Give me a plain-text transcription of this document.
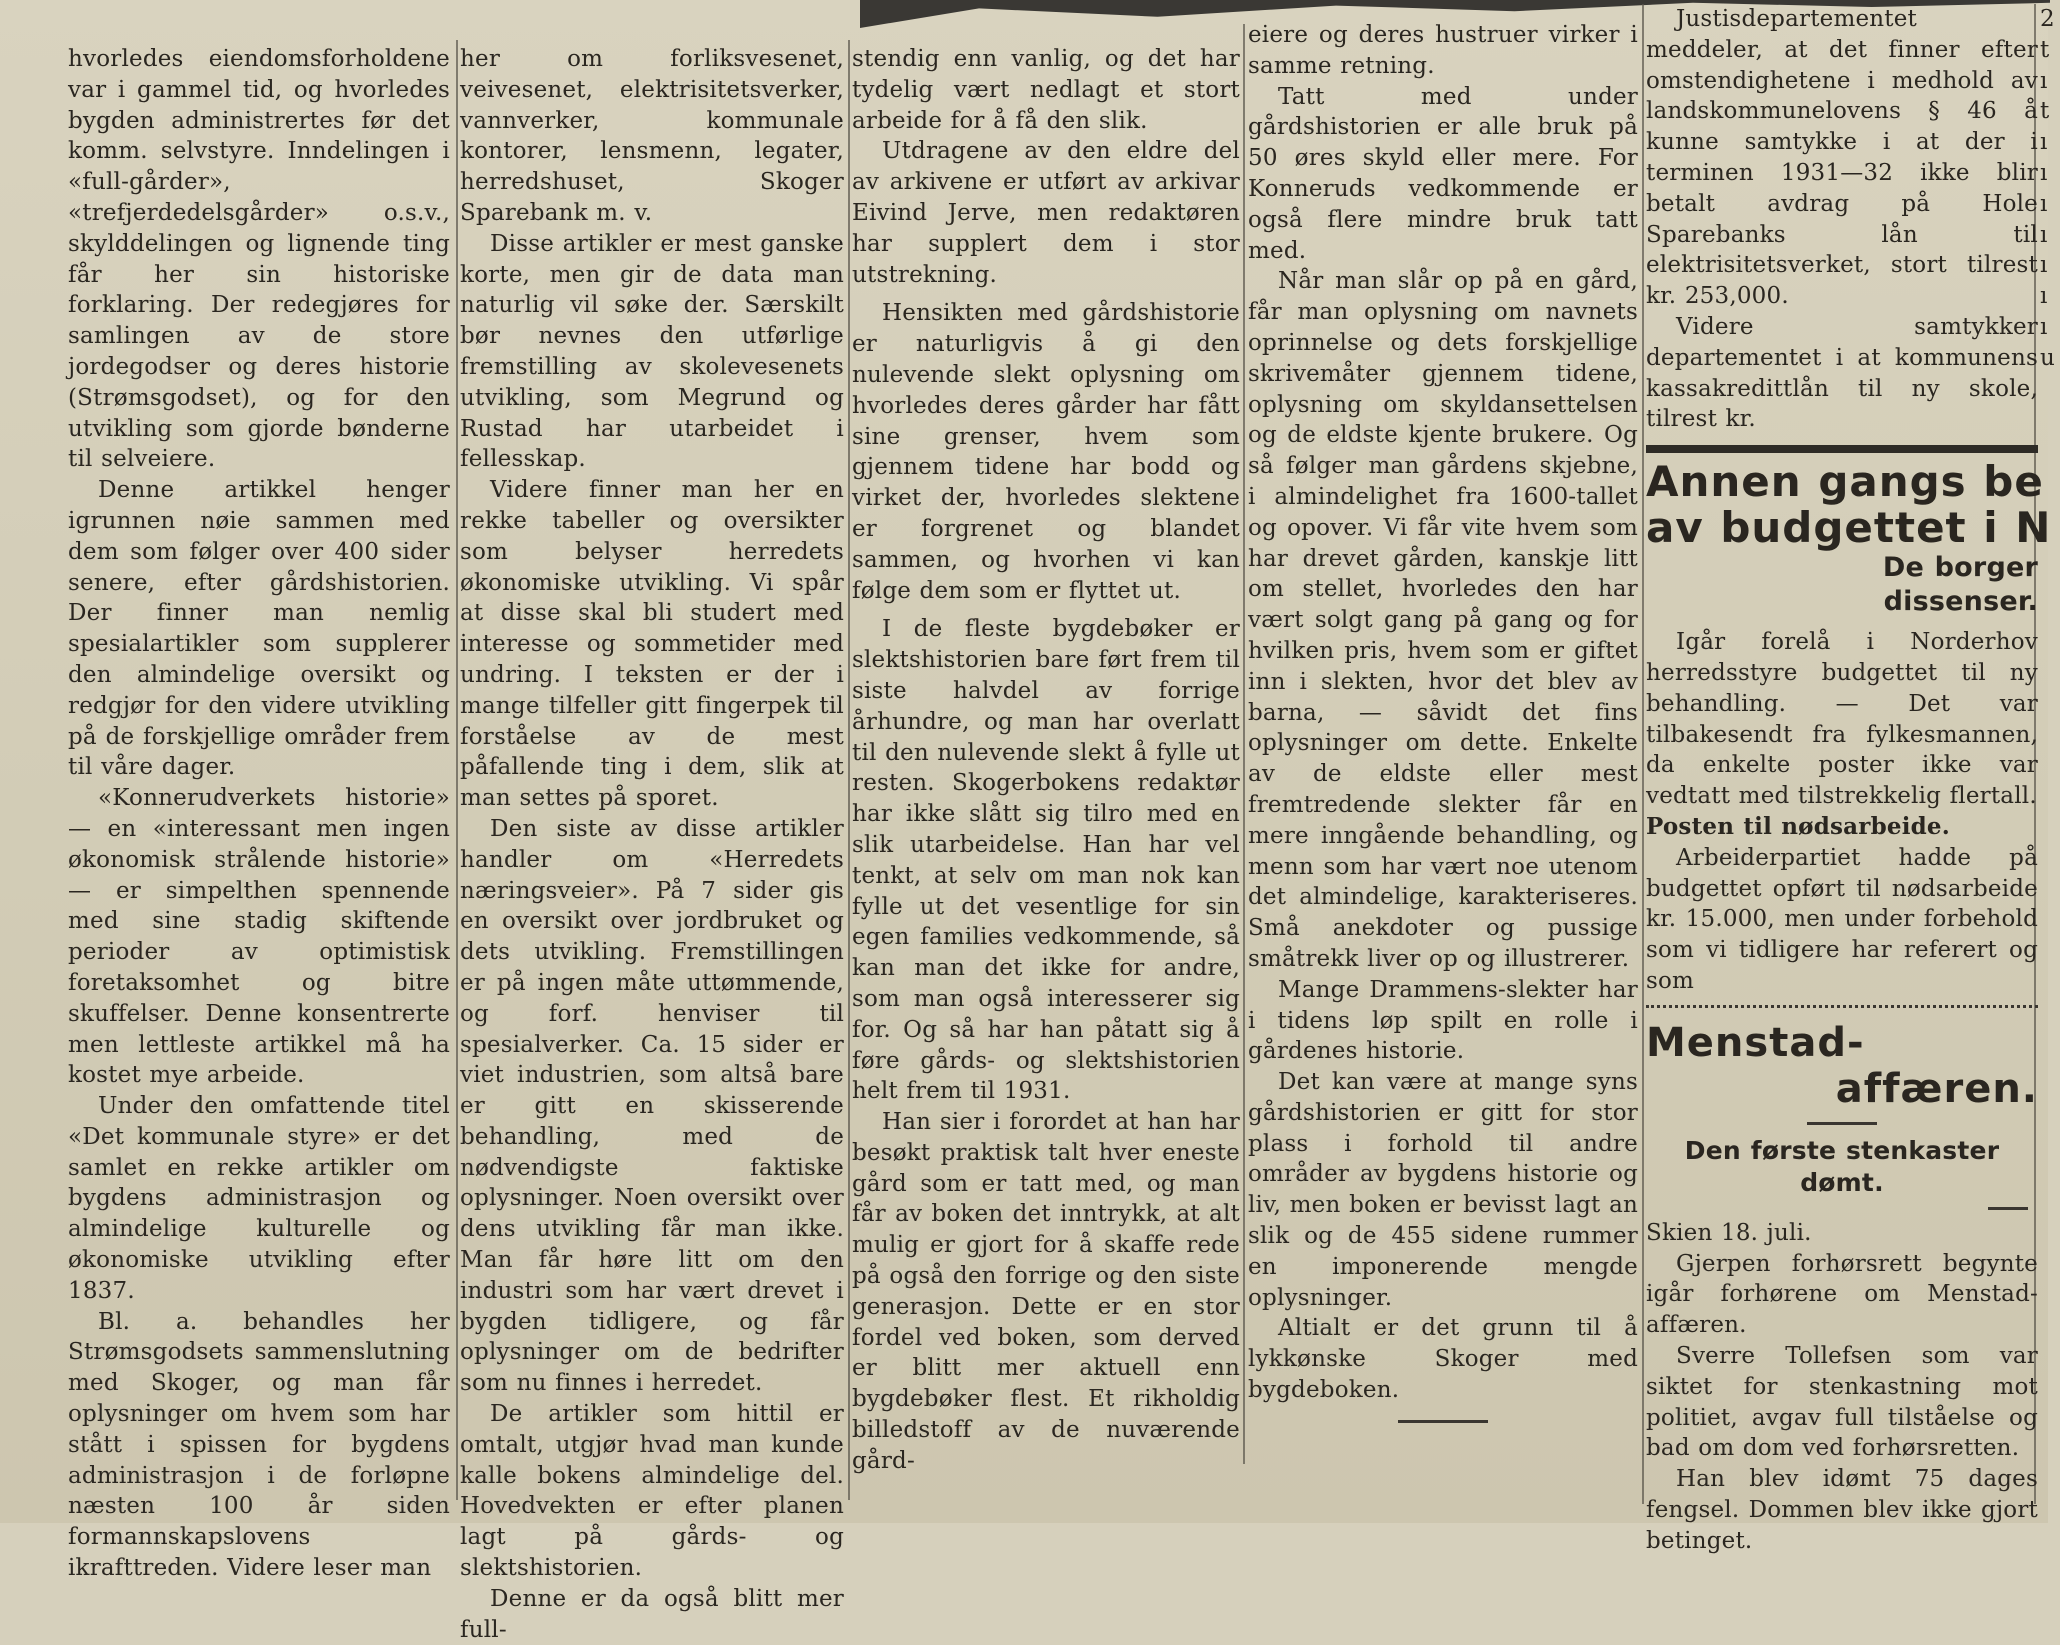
hvorledes eiendomsforholdene var i gammel tid, og hvorledes bygden administrertes før det komm. selvstyre. Inndelingen i «full-gårder», «trefjerdedelsgårder» o.s.v., skylddelingen og lignende ting får her sin historiske forklaring. Der redegjøres for samlingen av de store jordegodser og deres historie (Strømsgodset), og for den utvikling som gjorde bønderne til selveiere.

Denne artikkel henger igrunnen nøie sammen med dem som følger over 400 sider senere, efter gårdshistorien. Der finner man nemlig spesialartikler som supplerer den almindelige oversikt og redgjør for den videre utvikling på de forskjellige områder frem til våre dager.

«Konnerudverkets historie» — en «interessant men ingen økonomisk strålende historie» — er simpelthen spennende med sine stadig skiftende perioder av optimistisk foretaksomhet og bitre skuffelser. Denne konsentrerte men lettleste artikkel må ha kostet mye arbeide.

Under den omfattende titel «Det kommunale styre» er det samlet en rekke artikler om bygdens administrasjon og almindelige kulturelle og økonomiske utvikling efter 1837.

Bl. a. behandles her Strømsgodsets sammenslutning med Skoger, og man får oplysninger om hvem som har stått i spissen for bygdens administrasjon i de forløpne næsten 100 år siden formannskapslovens ikrafttreden. Videre leser man

her om forliksvesenet, veivesenet, elektrisitetsverker, vannverker, kommunale kontorer, lensmenn, legater, herredshuset, Skoger Sparebank m. v.

Disse artikler er mest ganske korte, men gir de data man naturlig vil søke der. Særskilt bør nevnes den utførlige fremstilling av skolevesenets utvikling, som Megrund og Rustad har utarbeidet i fellesskap.

Videre finner man her en rekke tabeller og oversikter som belyser herredets økonomiske utvikling. Vi spår at disse skal bli studert med interesse og sommetider med undring. I teksten er der i mange tilfeller gitt fingerpek til forståelse av de mest påfallende ting i dem, slik at man settes på sporet.

Den siste av disse artikler handler om «Herredets næringsveier». På 7 sider gis en oversikt over jordbruket og dets utvikling. Fremstillingen er på ingen måte uttømmende, og forf. henviser til spesialverker. Ca. 15 sider er viet industrien, som altså bare er gitt en skisserende behandling, med de nødvendigste faktiske oplysninger. Noen oversikt over dens utvikling får man ikke. Man får høre litt om den industri som har vært drevet i bygden tidligere, og får oplysninger om de bedrifter som nu finnes i herredet.

De artikler som hittil er omtalt, utgjør hvad man kunde kalle bokens almindelige del. Hovedvekten er efter planen lagt på gårds- og slektshistorien.

Denne er da også blitt mer full-

stendig enn vanlig, og det har tydelig vært nedlagt et stort arbeide for å få den slik.

Utdragene av den eldre del av arkivene er utført av arkivar Eivind Jerve, men redaktøren har supplert dem i stor utstrekning.

Hensikten med gårdshistorie er naturligvis å gi den nulevende slekt oplysning om hvorledes deres gårder har fått sine grenser, hvem som gjennem tidene har bodd og virket der, hvorledes slektene er forgrenet og blandet sammen, og hvorhen vi kan følge dem som er flyttet ut.

I de fleste bygdebøker er slektshistorien bare ført frem til siste halvdel av forrige århundre, og man har overlatt til den nulevende slekt å fylle ut resten. Skogerbokens redaktør har ikke slått sig tilro med en slik utarbeidelse. Han har vel tenkt, at selv om man nok kan fylle ut det vesentlige for sin egen families vedkommende, så kan man det ikke for andre, som man også interesserer sig for. Og så har han påtatt sig å føre gårds- og slektshistorien helt frem til 1931.

Han sier i forordet at han har besøkt praktisk talt hver eneste gård som er tatt med, og man får av boken det inntrykk, at alt mulig er gjort for å skaffe rede på også den forrige og den siste generasjon. Dette er en stor fordel ved boken, som derved er blitt mer aktuell enn bygdebøker flest. Et rikholdig billedstoff av de nuværende gård-

eiere og deres hustruer virker i samme retning.

Tatt med under gårdshistorien er alle bruk på 50 øres skyld eller mere. For Konneruds vedkommende er også flere mindre bruk tatt med.

Når man slår op på en gård, får man oplysning om navnets oprinnelse og dets forskjellige skrivemåter gjennem tidene, oplysning om skyldansettelsen og de eldste kjente brukere. Og så følger man gårdens skjebne, i almindelighet fra 1600-tallet og opover. Vi får vite hvem som har drevet gården, kanskje litt om stellet, hvorledes den har vært solgt gang på gang og for hvilken pris, hvem som er giftet inn i slekten, hvor det blev av barna, — såvidt det fins oplysninger om dette. Enkelte av de eldste eller mest fremtredende slekter får en mere inngående behandling, og menn som har vært noe utenom det almindelige, karakteriseres. Små anekdoter og pussige småtrekk liver op og illustrerer.

Mange Drammens-slekter har i tidens løp spilt en rolle i gårdenes historie.

Det kan være at mange syns gårdshistorien er gitt for stor plass i forhold til andre områder av bygdens historie og liv, men boken er bevisst lagt an slik og de 455 sidene rummer en imponerende mengde oplysninger.

Altialt er det grunn til å lykkønske Skoger med bygdeboken.

Justisdepartementet meddeler, at det finner efter omstendighetene i medhold av landskommunelovens § 46 å kunne samtykke i at der i terminen 1931—32 ikke blir betalt avdrag på Hole Sparebanks lån til elektrisitetsverket, stort tilrest kr. 253,000.

Videre samtykker departementet i at kommunens kassakredittlån til ny skole, tilrest kr.

Annen gangs be
av budgettet i N
De borger
dissenser.

Igår forelå i Norderhov herredsstyre budgettet til ny behandling. — Det var tilbakesendt fra fylkesmannen, da enkelte poster ikke var vedtatt med tilstrekkelig flertall.

Posten til nødsarbeide.

Arbeiderpartiet hadde på budgettet opført til nødsarbeide kr. 15.000, men under forbehold som vi tidligere har referert og som

Menstad-
affæren.
Den første stenkaster dømt.

Skien 18. juli.

Gjerpen forhørsrett begynte igår forhørene om Menstad-affæren.

Sverre Tollefsen som var siktet for stenkastning mot politiet, avgav full tilståelse og bad om dom ved forhørsretten.

Han blev idømt 75 dages fengsel. Dommen blev ikke gjort betinget.

2
t
ı
t
ı
ı
ı
ı
ı
ı
ı
u
